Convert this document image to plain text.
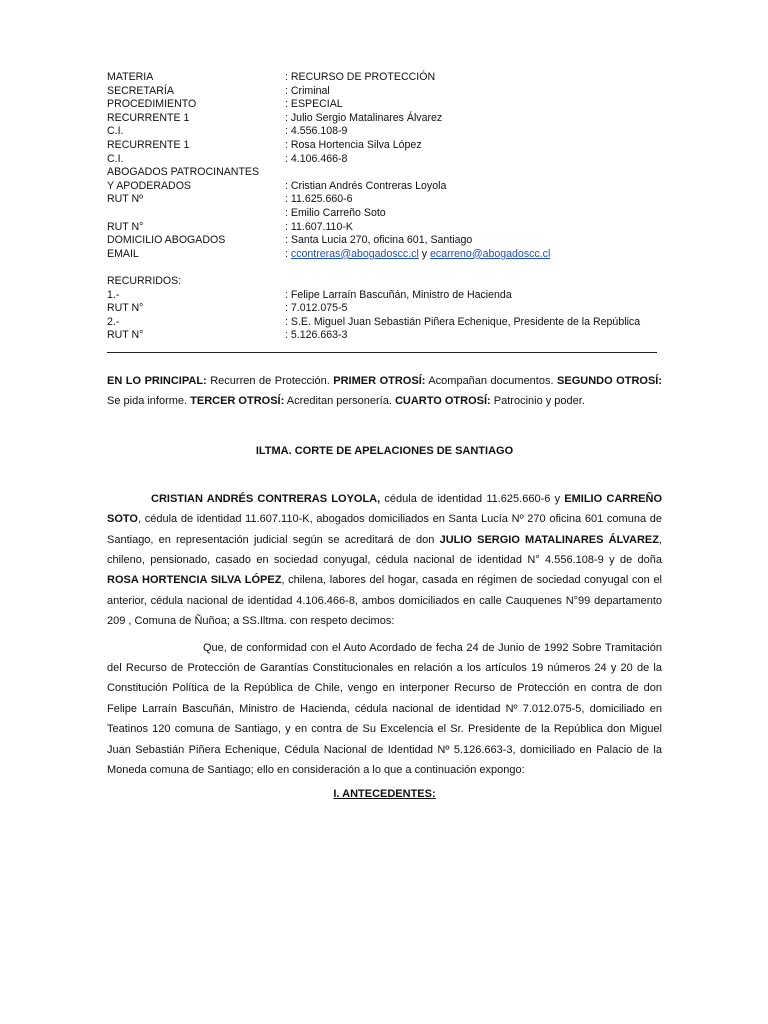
MATERIA	: RECURSO DE PROTECCIÓN
SECRETARÍA	: Criminal
PROCEDIMIENTO	: ESPECIAL
RECURRENTE 1	: Julio Sergio Matalinares Álvarez
C.I.	: 4.556.108-9
RECURRENTE 1	: Rosa Hortencia Silva López
C.I.	: 4.106.466-8
ABOGADOS PATROCINANTES
Y APODERADOS	: Cristian Andrés Contreras Loyola
RUT Nº	: 11.625.660-6
: Emilio Carreño Soto
RUT N°	: 11.607.110-K
DOMICILIO ABOGADOS	: Santa Lucia 270, oficina 601, Santiago
EMAIL	: ccontreras@abogadoscc.cl y ecarreno@abogadoscc.cl
RECURRIDOS:
1.-	: Felipe Larraín Bascuñán, Ministro de Hacienda
RUT N°	: 7.012.075-5
2.-	: S.E. Miguel Juan Sebastián Piñera Echenique, Presidente de la República
RUT N°	: 5.126.663-3
EN LO PRINCIPAL: Recurren de Protección. PRIMER OTROSÍ: Acompañan documentos. SEGUNDO OTROSÍ: Se pida informe. TERCER OTROSÍ: Acreditan personería. CUARTO OTROSÍ: Patrocinio y poder.
ILTMA. CORTE DE APELACIONES DE SANTIAGO

CRISTIAN ANDRÉS CONTRERAS LOYOLA, cédula de identidad 11.625.660-6 y EMILIO CARREÑO SOTO, cédula de identidad 11.607.110-K, abogados domiciliados en Santa Lucía Nº 270 oficina 601 comuna de Santiago, en representación judicial según se acreditará de don JULIO SERGIO MATALINARES ÁLVAREZ, chileno, pensionado, casado en sociedad conyugal, cédula nacional de identidad N° 4.556.108-9 y de doña ROSA HORTENCIA SILVA LÓPEZ, chilena, labores del hogar, casada en régimen de sociedad conyugal con el anterior, cédula nacional de identidad 4.106.466-8, ambos domiciliados en calle Cauquenes N°99 departamento 209 , Comuna de Ñuñoa; a SS.Iltma. con respeto decimos:

Que, de conformidad con el Auto Acordado de fecha 24 de Junio de 1992 Sobre Tramitación del Recurso de Protección de Garantías Constitucionales en relación a los artículos 19 números 24 y 20 de la Constitución Política de la República de Chile, vengo en interponer Recurso de Protección en contra de don Felipe Larraín Bascuñán, Ministro de Hacienda, cédula nacional de identidad Nº 7.012.075-5, domiciliado en Teatinos 120 comuna de Santiago, y en contra de Su Excelencia el Sr. Presidente de la República don Miguel Juan Sebastián Piñera Echenique, Cédula Nacional de Identidad Nº 5.126.663-3, domiciliado en Palacio de la Moneda comuna de Santiago; ello en consideración a lo que a continuación expongo:

I. ANTECEDENTES:
